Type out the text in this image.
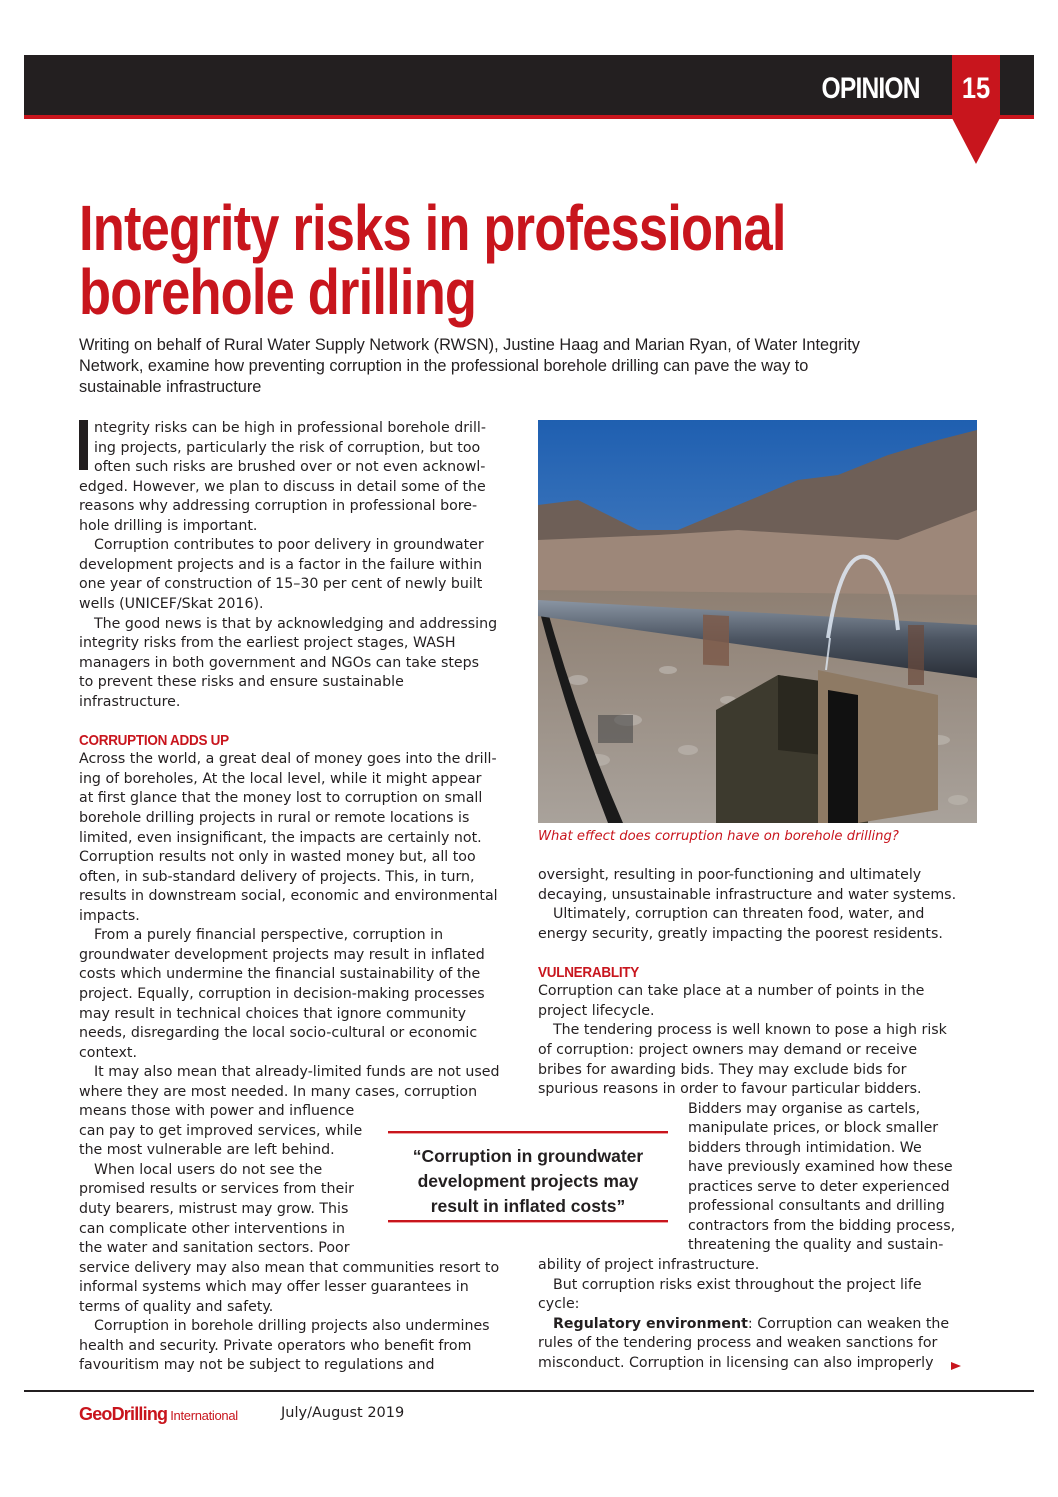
OPINION 15
Integrity risks in professional
borehole drilling
Writing on behalf of Rural Water Supply Network (RWSN), Justine Haag and Marian Ryan, of Water Integrity
Network, examine how preventing corruption in the professional borehole drilling can pave the way to
sustainable infrastructure
ntegrity risks can be high in professional borehole drill-
ing projects, particularly the risk of corruption, but too
often such risks are brushed over or not even acknowl-
edged. However, we plan to discuss in detail some of the
reasons why addressing corruption in professional bore-
hole drilling is important.
Corruption contributes to poor delivery in groundwater
development projects and is a factor in the failure within
one year of construction of 15–30 per cent of newly built
wells (UNICEF/Skat 2016).
The good news is that by acknowledging and addressing
integrity risks from the earliest project stages, WASH
managers in both government and NGOs can take steps
to prevent these risks and ensure sustainable
infrastructure.
CORRUPTION ADDS UP
Across the world, a great deal of money goes into the drill-
ing of boreholes, At the local level, while it might appear
at first glance that the money lost to corruption on small
borehole drilling projects in rural or remote locations is
limited, even insignificant, the impacts are certainly not.
Corruption results not only in wasted money but, all too
often, in sub-standard delivery of projects. This, in turn,
results in downstream social, economic and environmental
impacts.
From a purely financial perspective, corruption in
groundwater development projects may result in inflated
costs which undermine the financial sustainability of the
project. Equally, corruption in decision-making processes
may result in technical choices that ignore community
needs, disregarding the local socio-cultural or economic
context.
It may also mean that already-limited funds are not used
where they are most needed. In many cases, corruption
means those with power and influence
can pay to get improved services, while
the most vulnerable are left behind.
When local users do not see the
promised results or services from their
duty bearers, mistrust may grow. This
can complicate other interventions in
the water and sanitation sectors. Poor
service delivery may also mean that communities resort to
informal systems which may offer lesser guarantees in
terms of quality and safety.
Corruption in borehole drilling projects also undermines
health and security. Private operators who benefit from
favouritism may not be subject to regulations and
What effect does corruption have on borehole drilling?
oversight, resulting in poor-functioning and ultimately
decaying, unsustainable infrastructure and water systems.
Ultimately, corruption can threaten food, water, and
energy security, greatly impacting the poorest residents.
VULNERABLITY
Corruption can take place at a number of points in the
project lifecycle.
The tendering process is well known to pose a high risk
of corruption: project owners may demand or receive
bribes for awarding bids. They may exclude bids for
spurious reasons in order to favour particular bidders.
Bidders may organise as cartels,
manipulate prices, or block smaller
bidders through intimidation. We
have previously examined how these
practices serve to deter experienced
professional consultants and drilling
contractors from the bidding process,
threatening the quality and sustain-
ability of project infrastructure.
But corruption risks exist throughout the project life
cycle:
Regulatory environment: Corruption can weaken the
rules of the tendering process and weaken sanctions for
misconduct. Corruption in licensing can also improperly
“Corruption in groundwater
development projects may
result in inflated costs”
GeoDrilling International	July/August 2019
